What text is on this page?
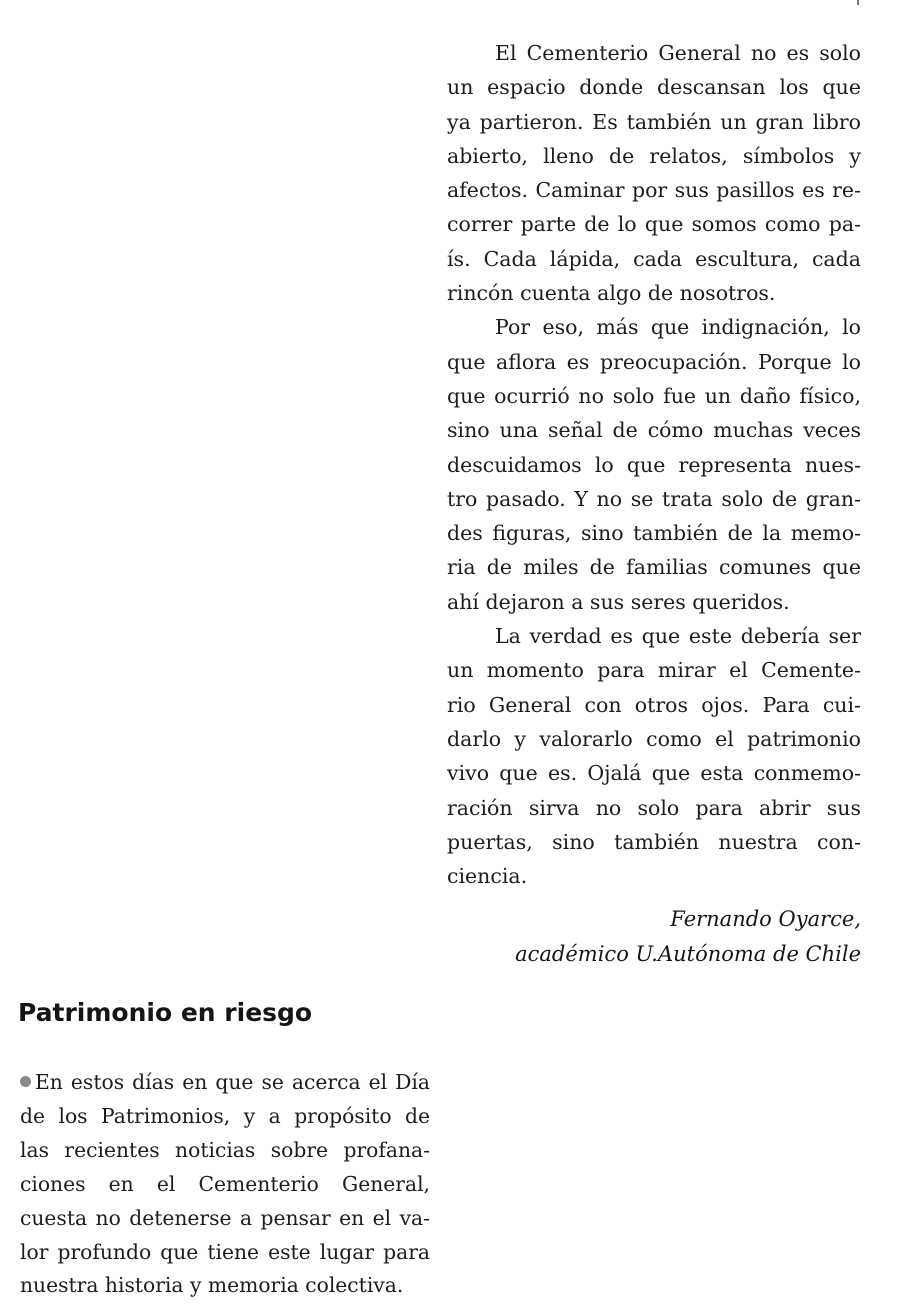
El Cementerio General no es solo
un espacio donde descansan los que
ya partieron. Es también un gran libro
abierto, lleno de relatos, símbolos y
afectos. Caminar por sus pasillos es re-
correr parte de lo que somos como pa-
ís. Cada lápida, cada escultura, cada
rincón cuenta algo de nosotros.
Por eso, más que indignación, lo
que aflora es preocupación. Porque lo
que ocurrió no solo fue un daño físico,
sino una señal de cómo muchas veces
descuidamos lo que representa nues-
tro pasado. Y no se trata solo de gran-
des figuras, sino también de la memo-
ria de miles de familias comunes que
ahí dejaron a sus seres queridos.
La verdad es que este debería ser
un momento para mirar el Cemente-
rio General con otros ojos. Para cui-
darlo y valorarlo como el patrimonio
vivo que es. Ojalá que esta conmemo-
ración sirva no solo para abrir sus
puertas, sino también nuestra con-
ciencia.
Fernando Oyarce,
académico U.Autónoma de Chile
Patrimonio en riesgo
En estos días en que se acerca el Día
de los Patrimonios, y a propósito de
las recientes noticias sobre profana-
ciones en el Cementerio General,
cuesta no detenerse a pensar en el va-
lor profundo que tiene este lugar para
nuestra historia y memoria colectiva.
